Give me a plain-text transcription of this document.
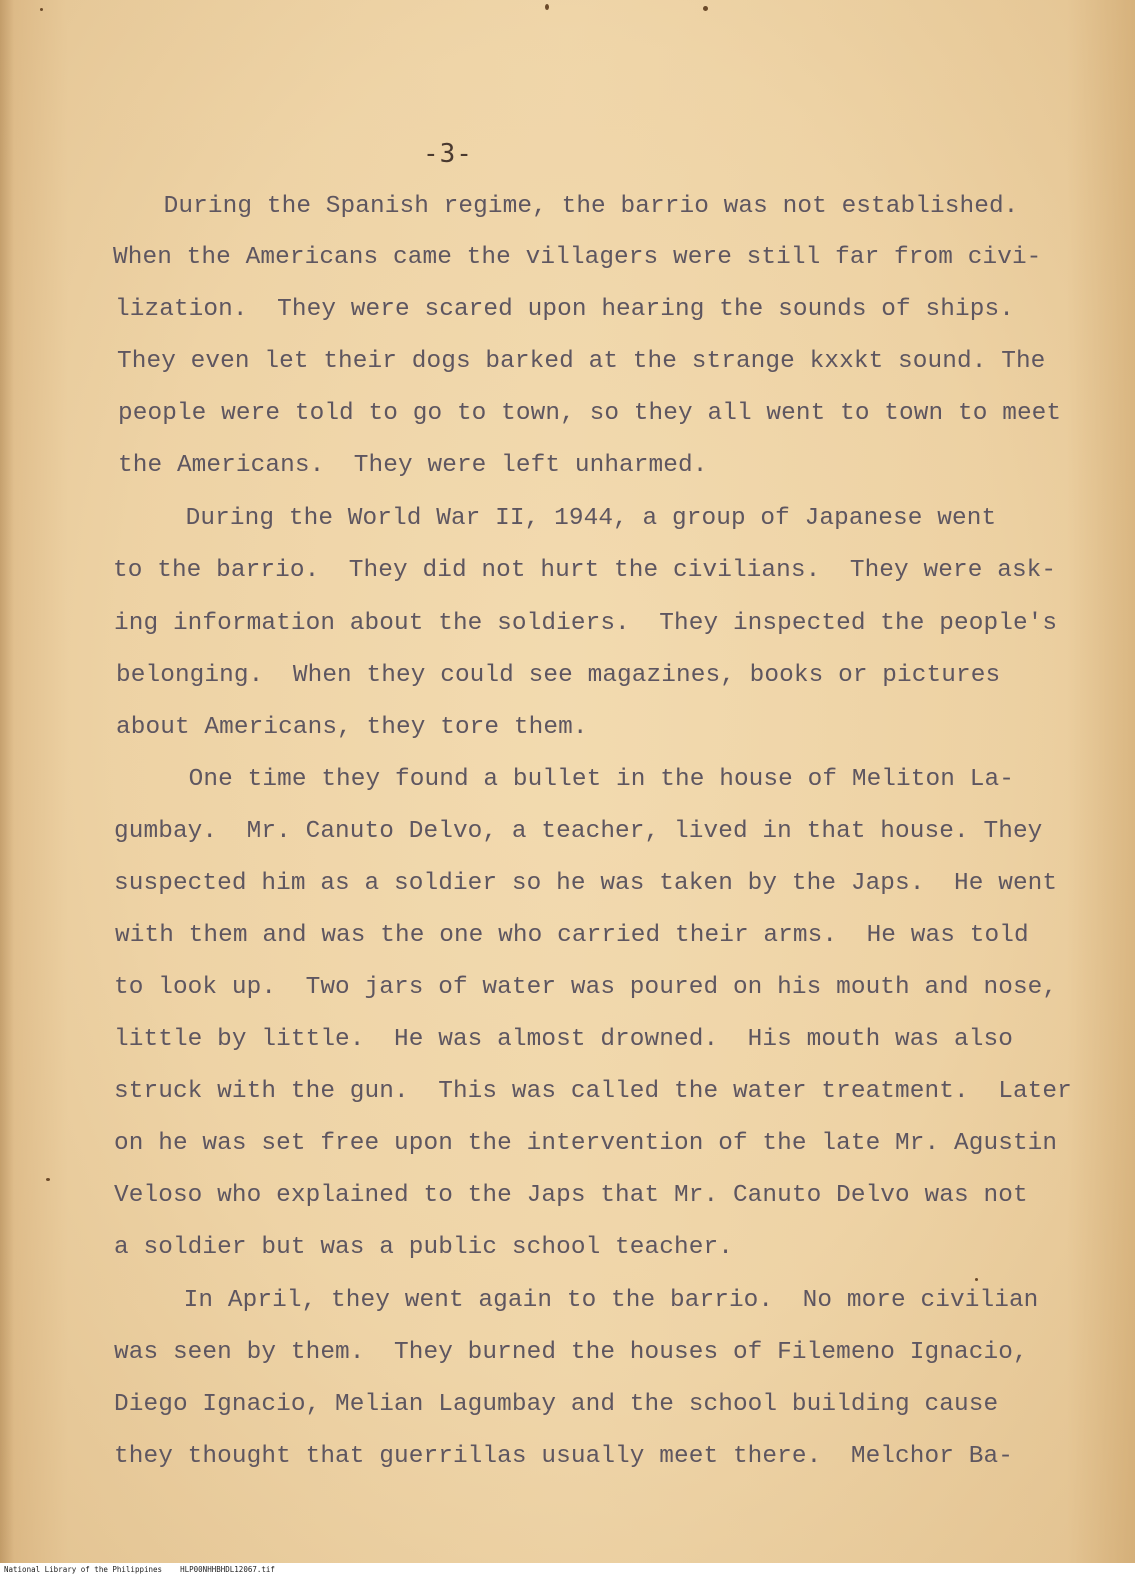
-3-
During the Spanish regime, the barrio was not established.
When the Americans came the villagers were still far from civi-
lization.  They were scared upon hearing the sounds of ships.
They even let their dogs barked at the strange kxxkt sound. The
people were told to go to town, so they all went to town to meet
the Americans.  They were left unharmed.
During the World War II, 1944, a group of Japanese went
to the barrio.  They did not hurt the civilians.  They were ask-
ing information about the soldiers.  They inspected the people's
belonging.  When they could see magazines, books or pictures
about Americans, they tore them.
One time they found a bullet in the house of Meliton La-
gumbay.  Mr. Canuto Delvo, a teacher, lived in that house. They
suspected him as a soldier so he was taken by the Japs.  He went
with them and was the one who carried their arms.  He was told
to look up.  Two jars of water was poured on his mouth and nose,
little by little.  He was almost drowned.  His mouth was also
struck with the gun.  This was called the water treatment.  Later
on he was set free upon the intervention of the late Mr. Agustin
Veloso who explained to the Japs that Mr. Canuto Delvo was not
a soldier but was a public school teacher.
In April, they went again to the barrio.  No more civilian
was seen by them.  They burned the houses of Filemeno Ignacio,
Diego Ignacio, Melian Lagumbay and the school building cause
they thought that guerrillas usually meet there.  Melchor Ba-
National Library of the Philippines    HLP00NHHBHDL12067.tif
